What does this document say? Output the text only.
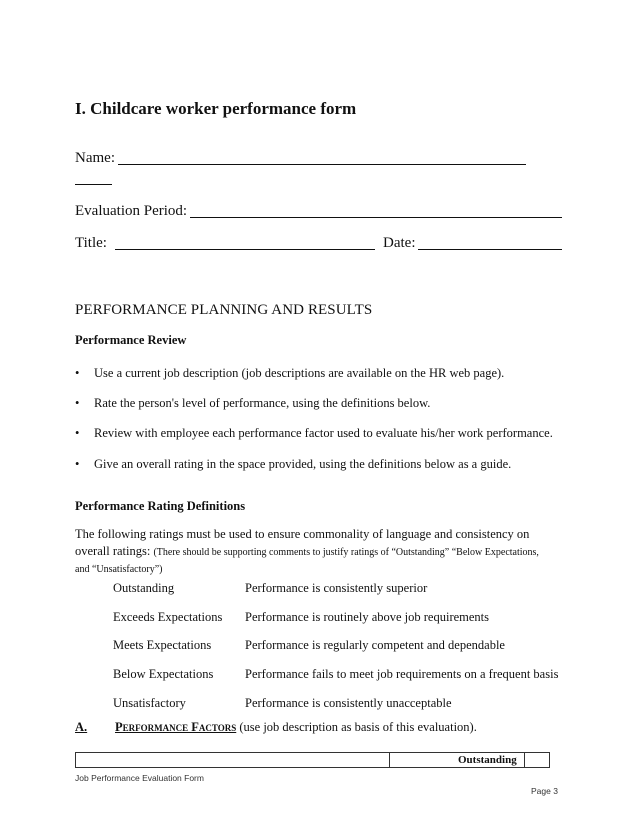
I. Childcare worker performance form
Name:
Evaluation Period:
Title:	Date:
PERFORMANCE PLANNING AND RESULTS
Performance Review
• Use a current job description (job descriptions are available on the HR web page).
• Rate the person's level of performance, using the definitions below.
• Review with employee each performance factor used to evaluate his/her work performance.
• Give an overall rating in the space provided, using the definitions below as a guide.
Performance Rating Definitions
The following ratings must be used to ensure commonality of language and consistency on
overall ratings: (There should be supporting comments to justify ratings of “Outstanding” “Below Expectations,
and “Unsatisfactory”)
Outstanding	Performance is consistently superior
Exceeds Expectations Performance is routinely above job requirements
Meets Expectations	Performance is regularly competent and dependable
Below Expectations	Performance fails to meet job requirements on a frequent basis
Unsatisfactory	Performance is consistently unacceptable
A. Performance Factors (use job description as basis of this evaluation).
Outstanding
Job Performance Evaluation Form
Page 3
